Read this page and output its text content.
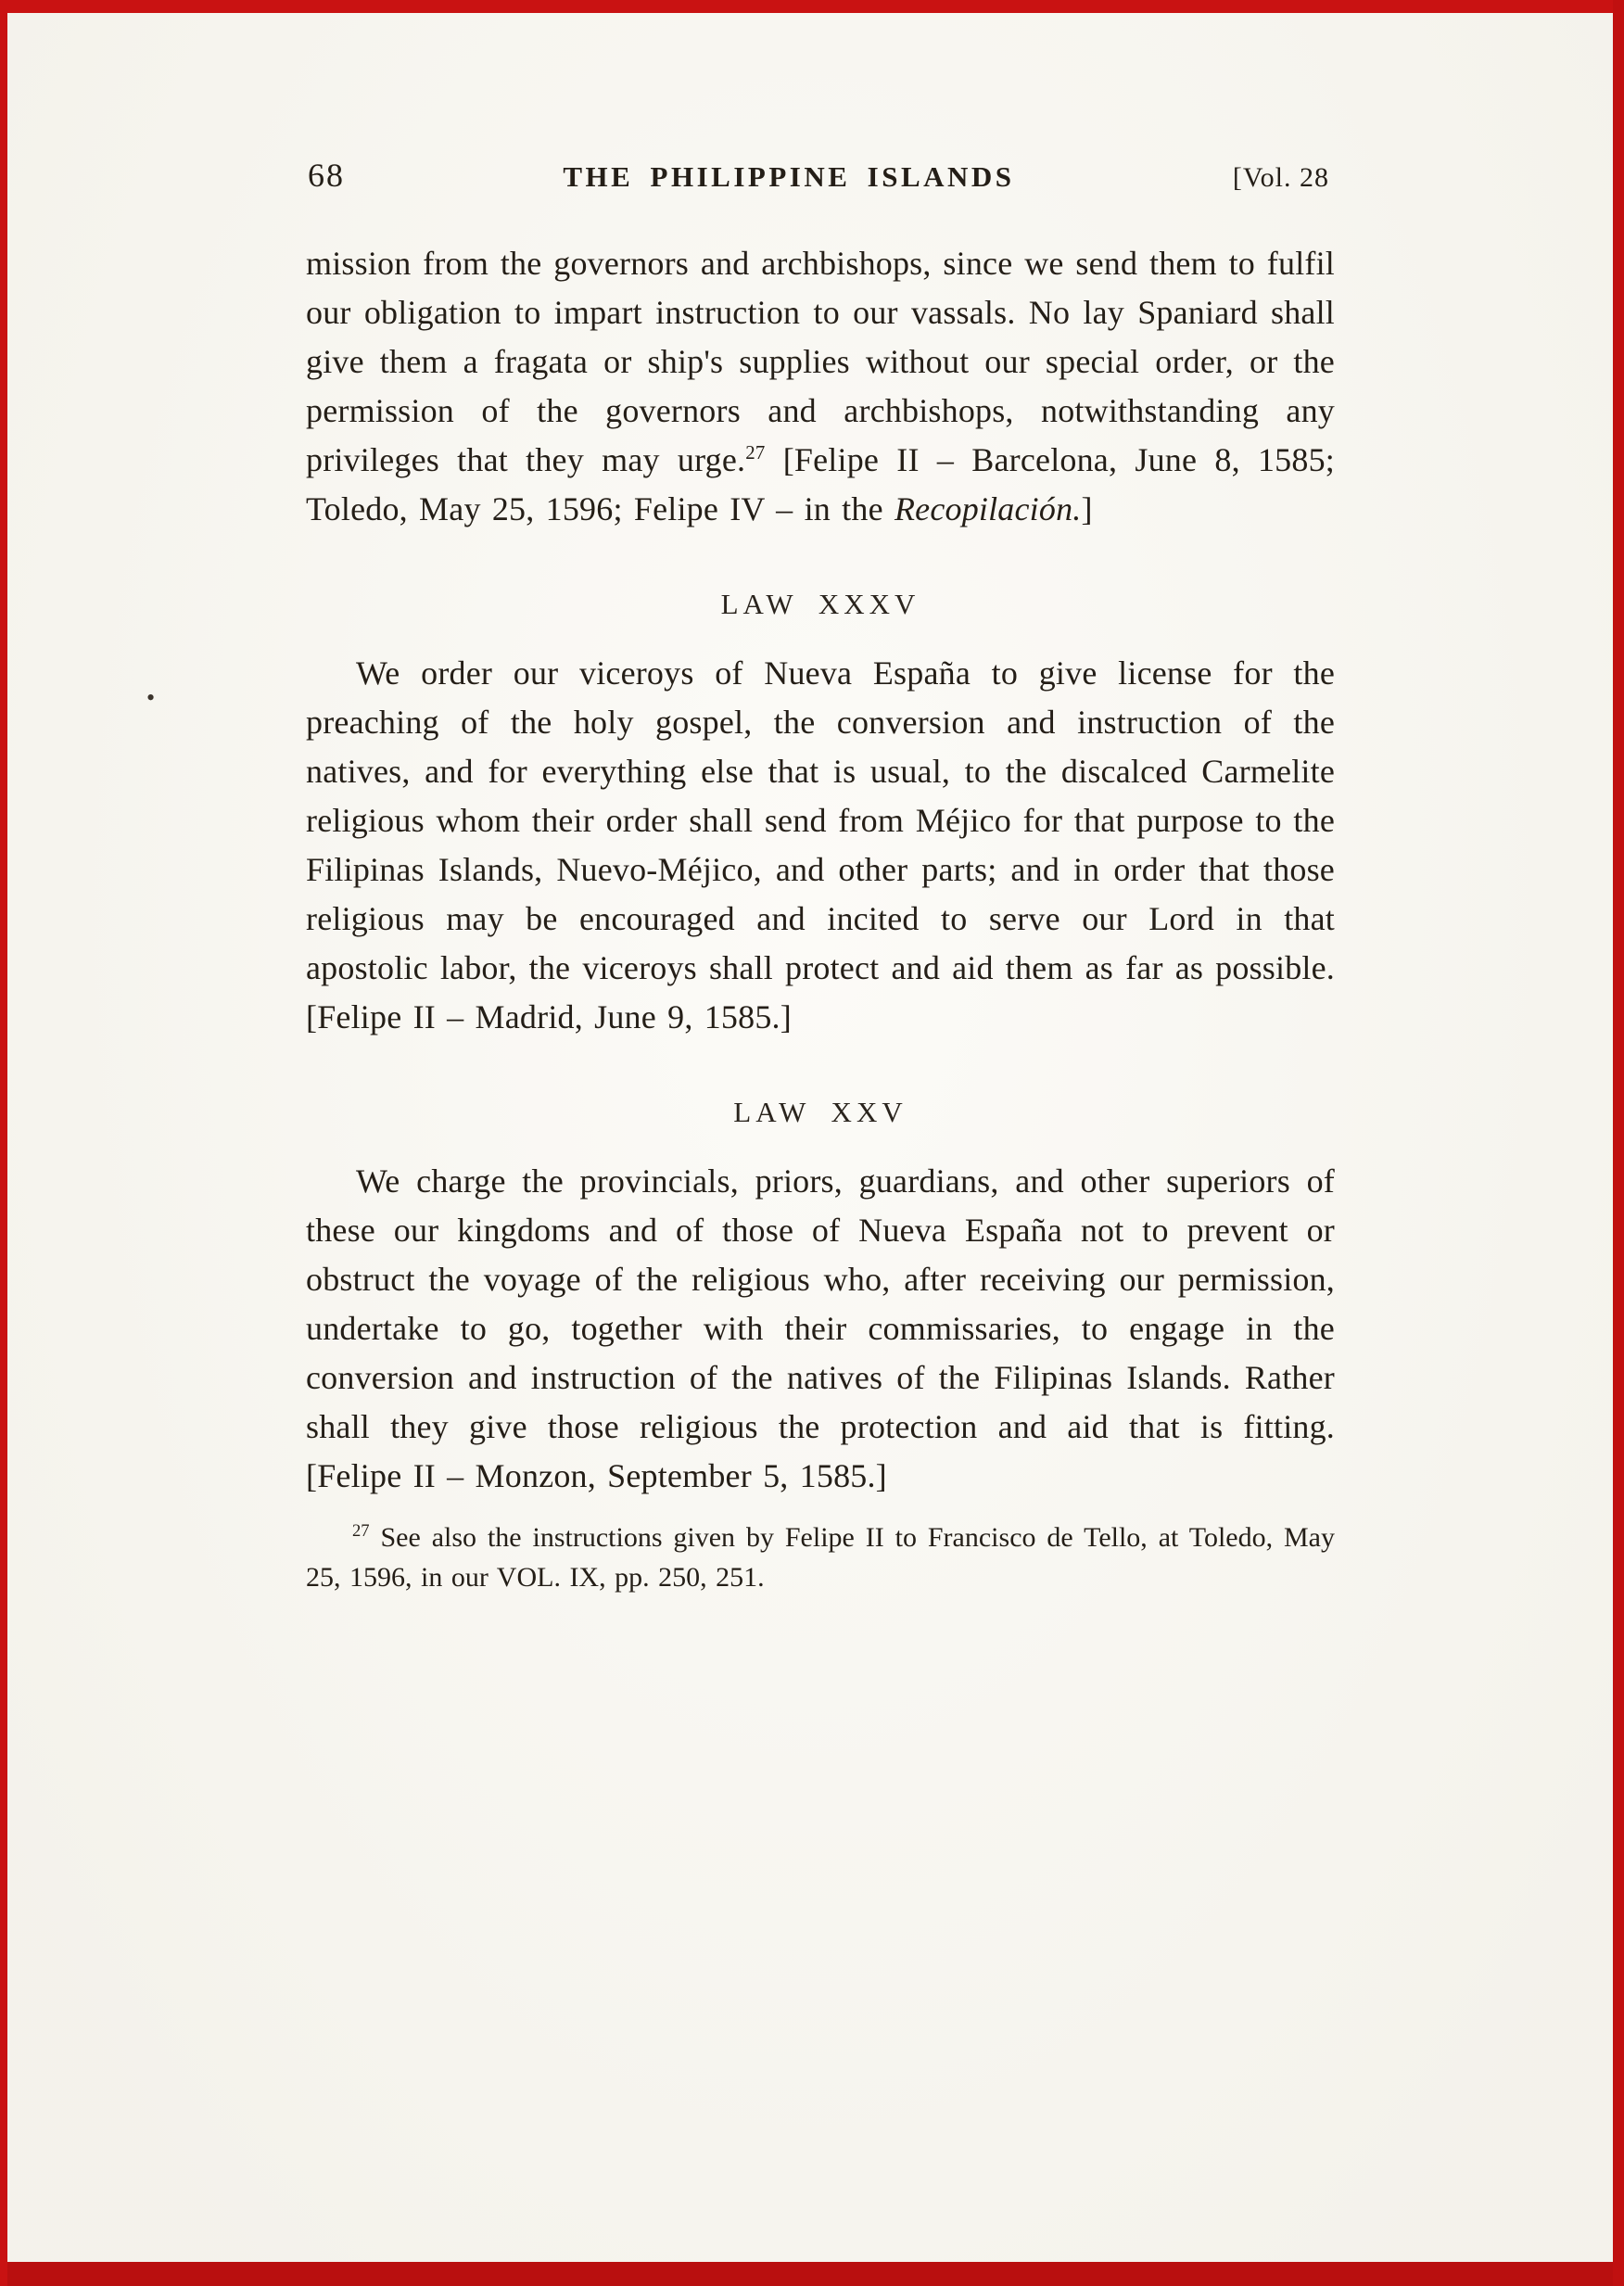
68	THE PHILIPPINE ISLANDS	[Vol. 28

mission from the governors and archbishops, since we send them to fulfil our obligation to impart instruction to our vassals. No lay Spaniard shall give them a fragata or ship's supplies without our special order, or the permission of the governors and archbishops, notwithstanding any privileges that they may urge.$^{27}$ [Felipe II – Barcelona, June 8, 1585; Toledo, May 25, 1596; Felipe IV – in the Recopilación.]

LAW XXXV
•

We order our viceroys of Nueva España to give license for the preaching of the holy gospel, the conversion and instruction of the natives, and for everything else that is usual, to the discalced Carmelite religious whom their order shall send from Méjico for that purpose to the Filipinas Islands, Nuevo-Méjico, and other parts; and in order that those religious may be encouraged and incited to serve our Lord in that apostolic labor, the viceroys shall protect and aid them as far as possible. [Felipe II – Madrid, June 9, 1585.]

LAW XXV

We charge the provincials, priors, guardians, and other superiors of these our kingdoms and of those of Nueva España not to prevent or obstruct the voyage of the religious who, after receiving our permission, undertake to go, together with their commissaries, to engage in the conversion and instruction of the natives of the Filipinas Islands. Rather shall they give those religious the protection and aid that is fitting. [Felipe II – Monzon, September 5, 1585.]

$^{27}$ See also the instructions given by Felipe II to Francisco de Tello, at Toledo, May 25, 1596, in our VOL. IX, pp. 250, 251.
